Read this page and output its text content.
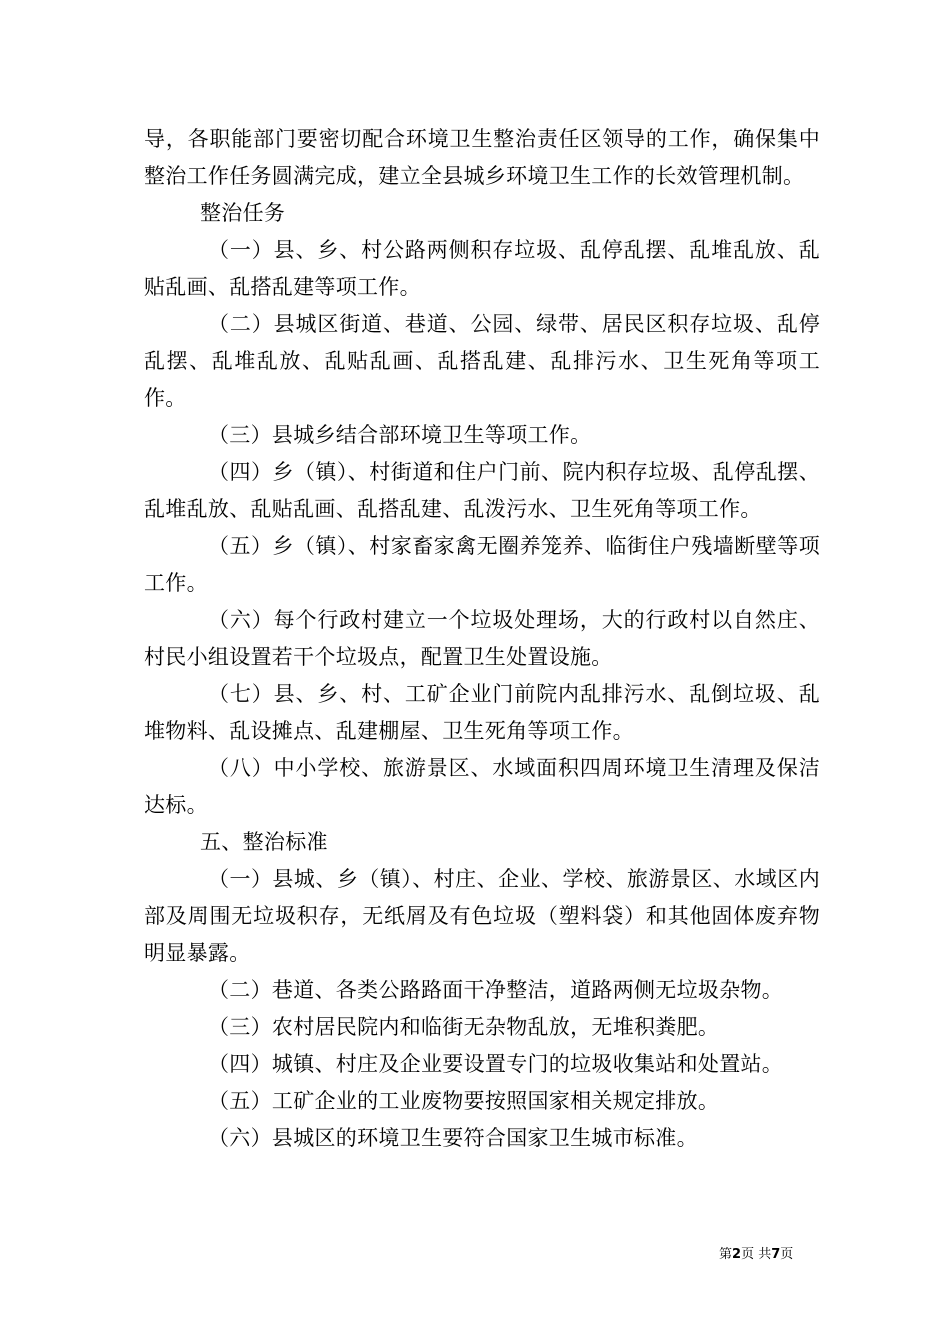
导，各职能部门要密切配合环境卫生整治责任区领导的工作，确保集中整治工作任务圆满完成，建立全县城乡环境卫生工作的长效管理机制。

整治任务

（一）县、乡、村公路两侧积存垃圾、乱停乱摆、乱堆乱放、乱贴乱画、乱搭乱建等项工作。

（二）县城区街道、巷道、公园、绿带、居民区积存垃圾、乱停乱摆、乱堆乱放、乱贴乱画、乱搭乱建、乱排污水、卫生死角等项工作。

（三）县城乡结合部环境卫生等项工作。

（四）乡（镇）、村街道和住户门前、院内积存垃圾、乱停乱摆、乱堆乱放、乱贴乱画、乱搭乱建、乱泼污水、卫生死角等项工作。

（五）乡（镇）、村家畜家禽无圈养笼养、临街住户残墙断壁等项工作。

（六）每个行政村建立一个垃圾处理场，大的行政村以自然庄、村民小组设置若干个垃圾点，配置卫生处置设施。

（七）县、乡、村、工矿企业门前院内乱排污水、乱倒垃圾、乱堆物料、乱设摊点、乱建棚屋、卫生死角等项工作。

（八）中小学校、旅游景区、水域面积四周环境卫生清理及保洁达标。

五、整治标准

（一）县城、乡（镇）、村庄、企业、学校、旅游景区、水域区内部及周围无垃圾积存，无纸屑及有色垃圾（塑料袋）和其他固体废弃物明显暴露。

（二）巷道、各类公路路面干净整洁，道路两侧无垃圾杂物。

（三）农村居民院内和临街无杂物乱放，无堆积粪肥。

（四）城镇、村庄及企业要设置专门的垃圾收集站和处置站。

（五）工矿企业的工业废物要按照国家相关规定排放。

（六）县城区的环境卫生要符合国家卫生城市标准。

第2页 共7页
